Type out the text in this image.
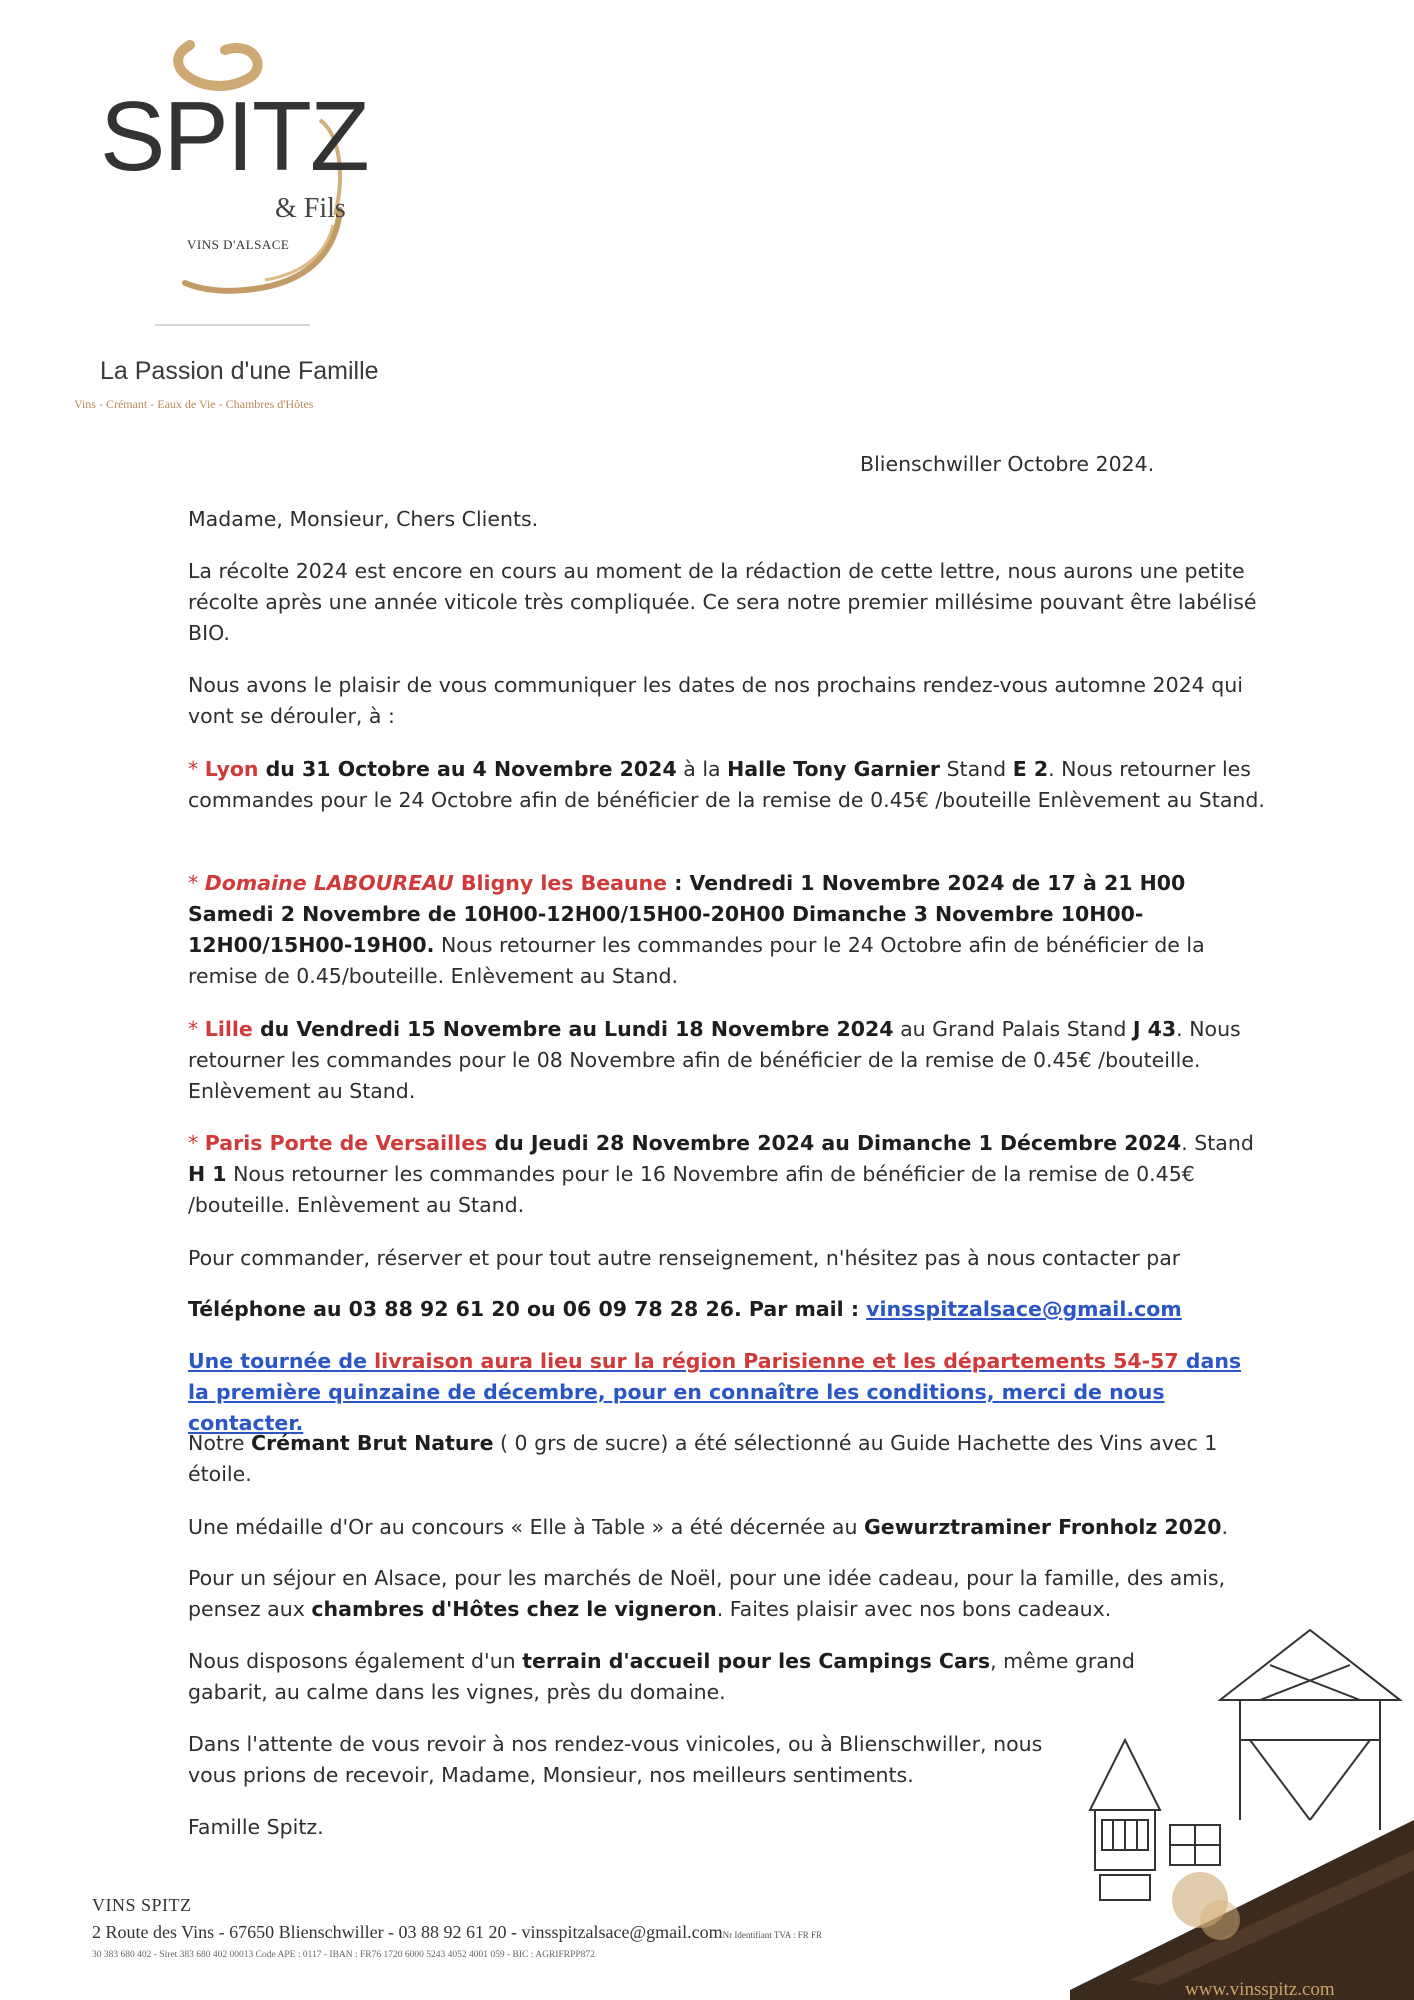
SPITZ
& Fils
VINS D'ALSACE
La Passion d'une Famille
Vins - Crémant - Eaux de Vie - Chambres d'Hôtes
Blienschwiller Octobre 2024.

Madame, Monsieur, Chers Clients.

La récolte 2024 est encore en cours au moment de la rédaction de cette lettre, nous aurons une petite récolte après une année viticole très compliquée. Ce sera notre premier millésime pouvant être labélisé BIO.

Nous avons le plaisir de vous communiquer les dates de nos prochains rendez-vous automne 2024 qui vont se dérouler, à :

* Lyon du 31 Octobre au 4 Novembre 2024 à la Halle Tony Garnier Stand E 2. Nous retourner les commandes pour le 24 Octobre afin de bénéficier de la remise de 0.45€ /bouteille Enlèvement au Stand.

* Domaine LABOUREAU Bligny les Beaune : Vendredi 1 Novembre 2024 de 17 à 21 H00 Samedi 2 Novembre de 10H00-12H00/15H00-20H00 Dimanche 3 Novembre 10H00-12H00/15H00-19H00. Nous retourner les commandes pour le 24 Octobre afin de bénéficier de la remise de 0.45/bouteille. Enlèvement au Stand.

* Lille du Vendredi 15 Novembre au Lundi 18 Novembre 2024 au Grand Palais Stand J 43. Nous retourner les commandes pour le 08 Novembre afin de bénéficier de la remise de 0.45€ /bouteille. Enlèvement au Stand.

* Paris Porte de Versailles du Jeudi 28 Novembre 2024 au Dimanche 1 Décembre 2024. Stand H 1 Nous retourner les commandes pour le 16 Novembre afin de bénéficier de la remise de 0.45€ /bouteille. Enlèvement au Stand.

Pour commander, réserver et pour tout autre renseignement, n'hésitez pas à nous contacter par

Téléphone au 03 88 92 61 20 ou 06 09 78 28 26. Par mail : vinsspitzalsace@gmail.com

Une tournée de livraison aura lieu sur la région Parisienne et les départements 54-57 dans la première quinzaine de décembre, pour en connaître les conditions, merci de nous contacter.

Notre Crémant Brut Nature ( 0 grs de sucre) a été sélectionné au Guide Hachette des Vins avec 1 étoile.

Une médaille d'Or au concours « Elle à Table » a été décernée au Gewurztraminer Fronholz 2020.

Pour un séjour en Alsace, pour les marchés de Noël, pour une idée cadeau, pour la famille, des amis, pensez aux chambres d'Hôtes chez le vigneron. Faites plaisir avec nos bons cadeaux.

Nous disposons également d'un terrain d'accueil pour les Campings Cars, même grand gabarit, au calme dans les vignes, près du domaine.

Dans l'attente de vous revoir à nos rendez-vous vinicoles, ou à Blienschwiller, nous vous prions de recevoir, Madame, Monsieur, nos meilleurs sentiments.

Famille Spitz.

www.vinsspitz.com
VINS SPITZ
2 Route des Vins - 67650 Blienschwiller - 03 88 92 61 20 - vinsspitzalsace@gmail.comNr Identifiant TVA : FR FR
30 383 680 402 - Siret 383 680 402 00013 Code APE : 0117 - IBAN : FR76 1720 6000 5243 4052 4001 059 - BIC : AGRIFRPP872
